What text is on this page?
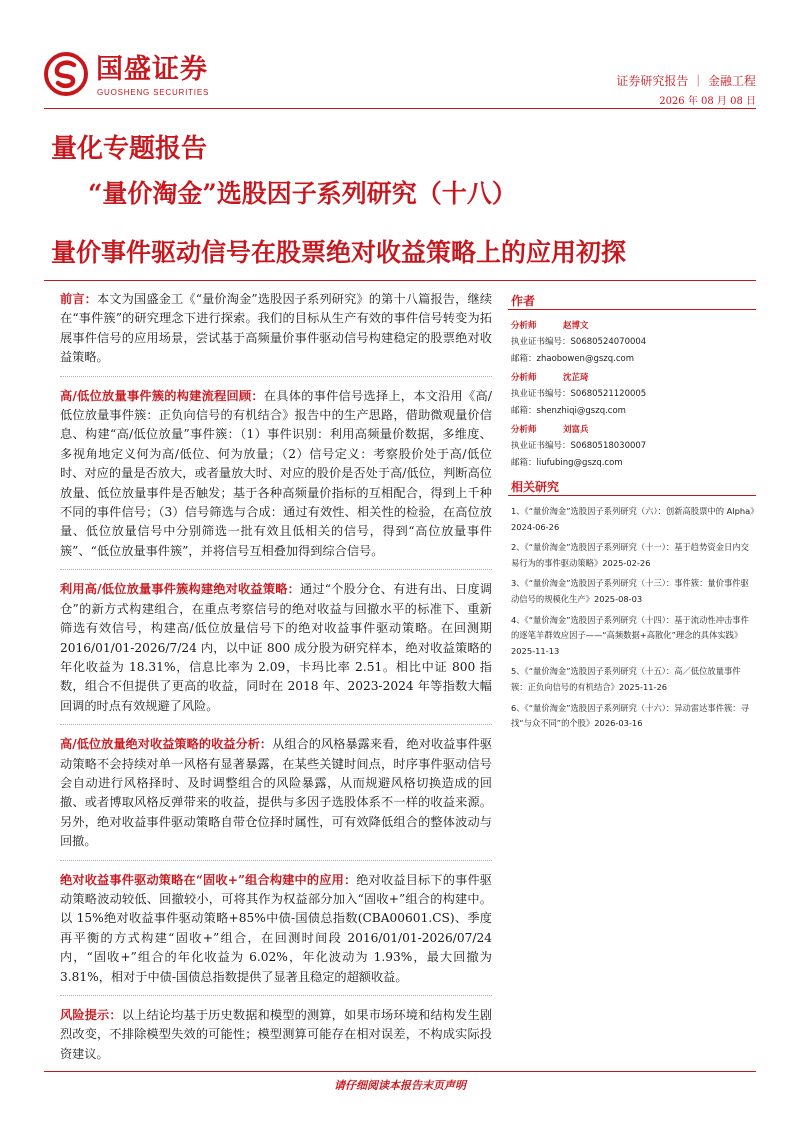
国盛证券
GUOSHENG SECURITIES
证券研究报告 ｜ 金融工程
2026 年 08 月 08 日
量化专题报告
“量价淘金”选股因子系列研究（十八）
量价事件驱动信号在股票绝对收益策略上的应用初探

前言：本文为国盛金工《“量价淘金”选股因子系列研究》的第十八篇报告，继续在“事件簇”的研究理念下进行探索。我们的目标从生产有效的事件信号转变为拓展事件信号的应用场景，尝试基于高频量价事件驱动信号构建稳定的股票绝对收益策略。

高/低位放量事件簇的构建流程回顾：在具体的事件信号选择上，本文沿用《高/低位放量事件簇：正负向信号的有机结合》报告中的生产思路，借助微观量价信息、构建“高/低位放量”事件簇：（1）事件识别：利用高频量价数据，多维度、多视角地定义何为高/低位、何为放量；（2）信号定义：考察股价处于高/低位时、对应的量是否放大，或者量放大时、对应的股价是否处于高/低位，判断高位放量、低位放量事件是否触发；基于各种高频量价指标的互相配合，得到上千种不同的事件信号；（3）信号筛选与合成：通过有效性、相关性的检验，在高位放量、低位放量信号中分别筛选一批有效且低相关的信号，得到“高位放量事件簇”、“低位放量事件簇”，并将信号互相叠加得到综合信号。

利用高/低位放量事件簇构建绝对收益策略：通过“个股分仓、有进有出、日度调仓”的新方式构建组合，在重点考察信号的绝对收益与回撤水平的标准下、重新筛选有效信号，构建高/低位放量信号下的绝对收益事件驱动策略。在回测期 2016/01/01-2026/7/24 内，以中证 800 成分股为研究样本，绝对收益策略的年化收益为 18.31%，信息比率为 2.09，卡玛比率 2.51。相比中证 800 指数，组合不但提供了更高的收益，同时在 2018 年、2023-2024 年等指数大幅回调的时点有效规避了风险。

高/低位放量绝对收益策略的收益分析：从组合的风格暴露来看，绝对收益事件驱动策略不会持续对单一风格有显著暴露，在某些关键时间点，时序事件驱动信号会自动进行风格择时、及时调整组合的风险暴露，从而规避风格切换造成的回撤、或者博取风格反弹带来的收益，提供与多因子选股体系不一样的收益来源。另外，绝对收益事件驱动策略自带仓位择时属性，可有效降低组合的整体波动与回撤。

绝对收益事件驱动策略在“固收+”组合构建中的应用：绝对收益目标下的事件驱动策略波动较低、回撤较小，可将其作为权益部分加入“固收+”组合的构建中。以 15%绝对收益事件驱动策略+85%中债-国债总指数(CBA00601.CS)、季度再平衡的方式构建“固收+”组合，在回测时间段 2016/01/01-2026/07/24 内，“固收+”组合的年化收益为 6.02%，年化波动为 1.93%，最大回撤为 3.81%，相对于中债-国债总指数提供了显著且稳定的超额收益。

风险提示：以上结论均基于历史数据和模型的测算，如果市场环境和结构发生剧烈改变，不排除模型失效的可能性；模型测算可能存在相对误差，不构成实际投资建议。

作者
分析师	赵博文
执业证书编号：S0680524070004
邮箱：zhaobowen@gszq.com
分析师	沈芷琦
执业证书编号：S0680521120005
邮箱：shenzhiqi@gszq.com
分析师	刘富兵
执业证书编号：S0680518030007
邮箱：liufubing@gszq.com
相关研究
1、《“量价淘金”选股因子系列研究（六）：创新高股票中的 Alpha》2024-06-26
2、《“量价淘金”选股因子系列研究（十一）：基于趋势资金日内交易行为的事件驱动策略》2025-02-26
3、《“量价淘金”选股因子系列研究（十三）：事件簇：量价事件驱动信号的规模化生产》2025-08-03
4、《“量价淘金”选股因子系列研究（十四）：基于流动性冲击事件的逐笔羊群效应因子——“高频数据+高散化”理念的具体实践》2025-11-13
5、《“量价淘金”选股因子系列研究（十五）：高／低位放量事件簇：正负向信号的有机结合》2025-11-26
6、《“量价淘金”选股因子系列研究（十六）：异动雷达事件簇：寻找“与众不同”的个股》2026-03-16
请仔细阅读本报告末页声明
